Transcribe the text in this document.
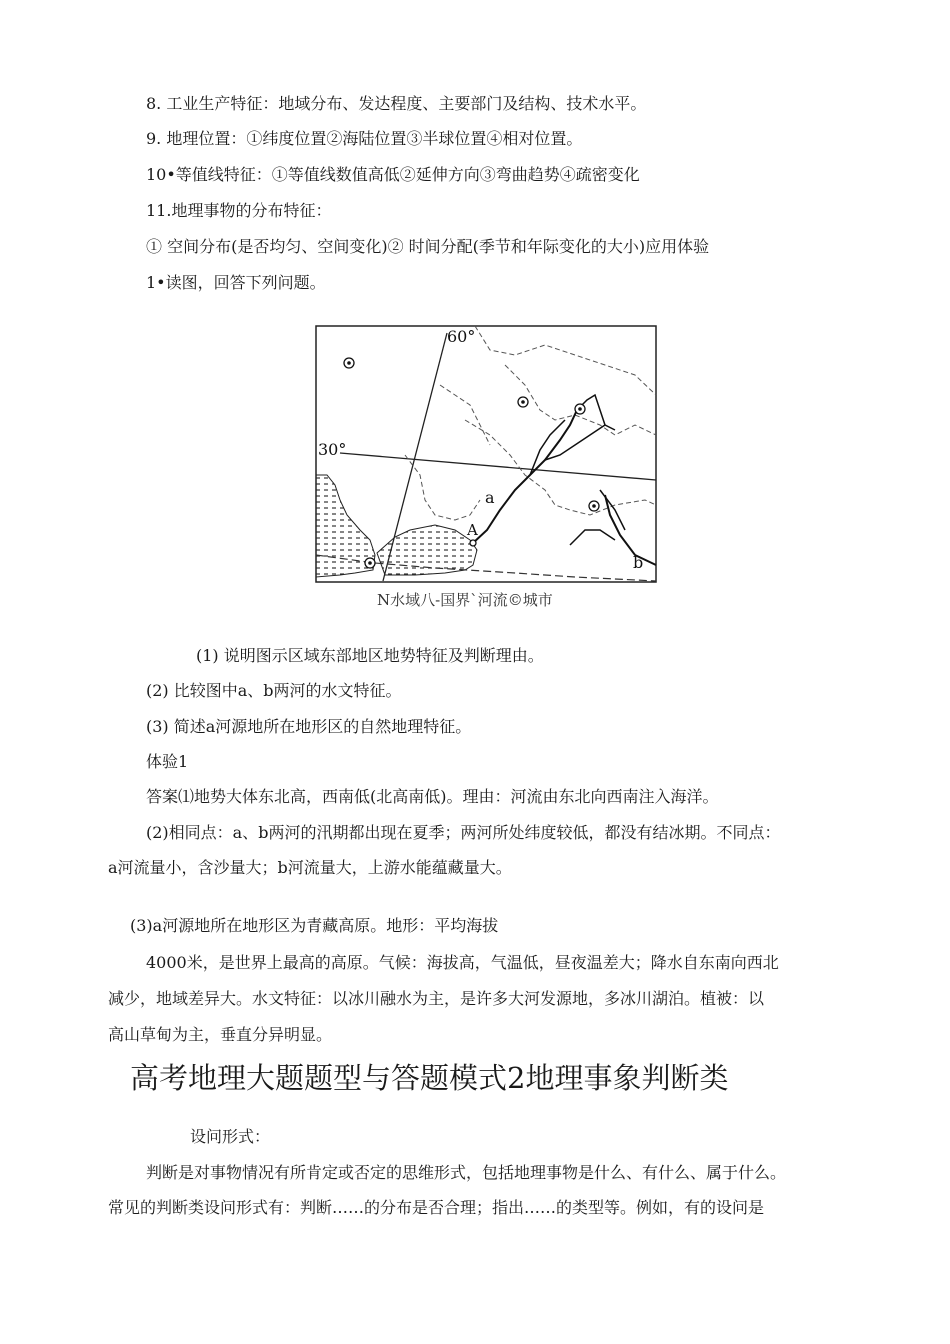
8. 工业生产特征：地域分布、发达程度、主要部门及结构、技术水平。
9. 地理位置：①纬度位置②海陆位置③半球位置④相对位置。
10•等值线特征：①等值线数值高低②延伸方向③弯曲趋势④疏密变化
11.地理事物的分布特征：
① 空间分布(是否均匀、空间变化)② 时间分配(季节和年际变化的大小)应用体验
1•读图，回答下列问题。
60°
30°
a
A
b
N水域八-国界`河流©城市
(1) 说明图示区域东部地区地势特征及判断理由。
(2) 比较图中a、b两河的水文特征。
(3) 简述a河源地所在地形区的自然地理特征。
体验1
答案⑴地势大体东北高，西南低(北高南低)。理由：河流由东北向西南注入海洋。
(2)相同点：a、b两河的汛期都出现在夏季；两河所处纬度较低，都没有结冰期。不同点：
a河流量小，含沙量大；b河流量大，上游水能蕴藏量大。
(3)a河源地所在地形区为青藏高原。地形：平均海拔
4000米，是世界上最高的高原。气候：海拔高，气温低，昼夜温差大；降水自东南向西北
减少，地域差异大。水文特征：以冰川融水为主，是许多大河发源地，多冰川湖泊。植被：以
高山草甸为主，垂直分异明显。
高考地理大题题型与答题模式2地理事象判断类
设问形式：
判断是对事物情况有所肯定或否定的思维形式，包括地理事物是什么、有什么、属于什么。
常见的判断类设问形式有：判断……的分布是否合理；指出……的类型等。例如，有的设问是
